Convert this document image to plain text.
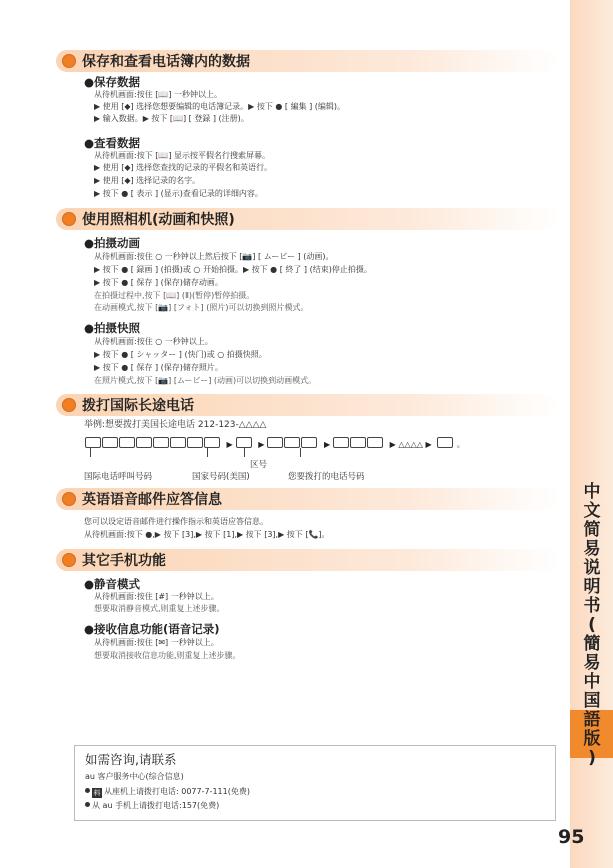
中
文
简
易
说
明
书
(
簡
易
中
国
語
版
)
95
保存和查看电话簿内的数据
●保存数据
从待机画面:按住 [📖] 一秒钟以上。
▶ 使用 [◆] 选择您想要编辑的电话簿记录。▶ 按下 ● [ 編集 ] (编辑)。
▶ 输入数据。▶ 按下 [📖] [ 登録 ] (注册)。
●查看数据
从待机画面:按下 [📖] 显示按平假名行搜索屏幕。
▶ 使用 [◆] 选择您查找的记录的平假名和英语行。
▶ 使用 [◆] 选择记录的名字。
▶ 按下 ● [ 表示 ] (显示)查看记录的详细内容。
使用照相机(动画和快照)
●拍摄动画
从待机画面:按住 ○ 一秒钟以上然后按下 [📷] [ ムービー ] (动画)。
▶ 按下 ● [ 録画 ] (拍摄)或 ○ 开始拍摄。▶ 按下 ● [ 終了 ] (结束)停止拍摄。
▶ 按下 ● [ 保存 ] (保存)储存动画。
在拍摄过程中,按下 [📖] (Ⅱ)(暂停)暂停拍摄。
在动画模式,按下 [📷] [フォト] (照片)可以切换到照片模式。
●拍摄快照
从待机画面:按住 ○ 一秒钟以上。
▶ 按下 ● [ シャッター ] (快门)或 ○ 拍摄快照。
▶ 按下 ● [ 保存 ] (保存)储存照片。
在照片模式,按下 [📷] [ムービー] (动画)可以切换到动画模式。
拨打国际长途电话
举例:想要拨打美国长途电话 212-123-△△△△
▶	▶	▶	▶ △△△△ ▶	。
区号
国际电话呼叫号码	国家号码(美国)	您要拨打的电话号码
英语语音邮件应答信息
您可以设定语音邮件进行操作指示和英语应答信息。
从待机画面:按下 ●,▶ 按下 [3],▶ 按下 [1],▶ 按下 [3],▶ 按下 [📞]。
其它手机功能
●静音模式
从待机画面:按住 [#] 一秒钟以上。
想要取消静音模式,则重复上述步骤。
●接收信息功能(语音记录)
从待机画面:按住 [✉] 一秒钟以上。
想要取消接收信息功能,则重复上述步骤。
如需咨询,请联系
au 客户服务中心(综合信息)
料 从座机上请拨打电话: 0077-7-111(免费)
从 au 手机上请拨打电话:157(免费)
